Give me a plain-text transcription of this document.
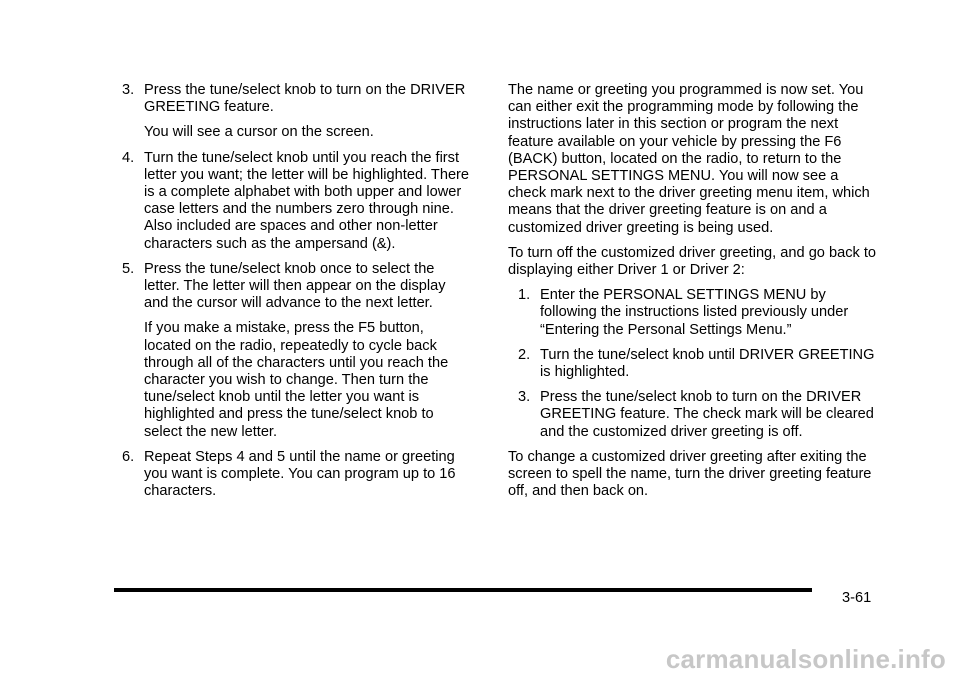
3. Press the tune/select knob to turn on the DRIVER GREETING feature.

You will see a cursor on the screen.

4. Turn the tune/select knob until you reach the first letter you want; the letter will be highlighted. There is a complete alphabet with both upper and lower case letters and the numbers zero through nine. Also included are spaces and other non-letter characters such as the ampersand (&).

5. Press the tune/select knob once to select the letter. The letter will then appear on the display and the cursor will advance to the next letter.

If you make a mistake, press the F5 button, located on the radio, repeatedly to cycle back through all of the characters until you reach the character you wish to change. Then turn the tune/select knob until the letter you want is highlighted and press the tune/select knob to select the new letter.

6. Repeat Steps 4 and 5 until the name or greeting you want is complete. You can program up to 16 characters.

The name or greeting you programmed is now set. You can either exit the programming mode by following the instructions later in this section or program the next feature available on your vehicle by pressing the F6 (BACK) button, located on the radio, to return to the PERSONAL SETTINGS MENU. You will now see a check mark next to the driver greeting menu item, which means that the driver greeting feature is on and a customized driver greeting is being used.

To turn off the customized driver greeting, and go back to displaying either Driver 1 or Driver 2:

1. Enter the PERSONAL SETTINGS MENU by following the instructions listed previously under “Entering the Personal Settings Menu.”

2. Turn the tune/select knob until DRIVER GREETING is highlighted.

3. Press the tune/select knob to turn on the DRIVER GREETING feature. The check mark will be cleared and the customized driver greeting is off.

To change a customized driver greeting after exiting the screen to spell the name, turn the driver greeting feature off, and then back on.

3-61
carmanualsonline.info
